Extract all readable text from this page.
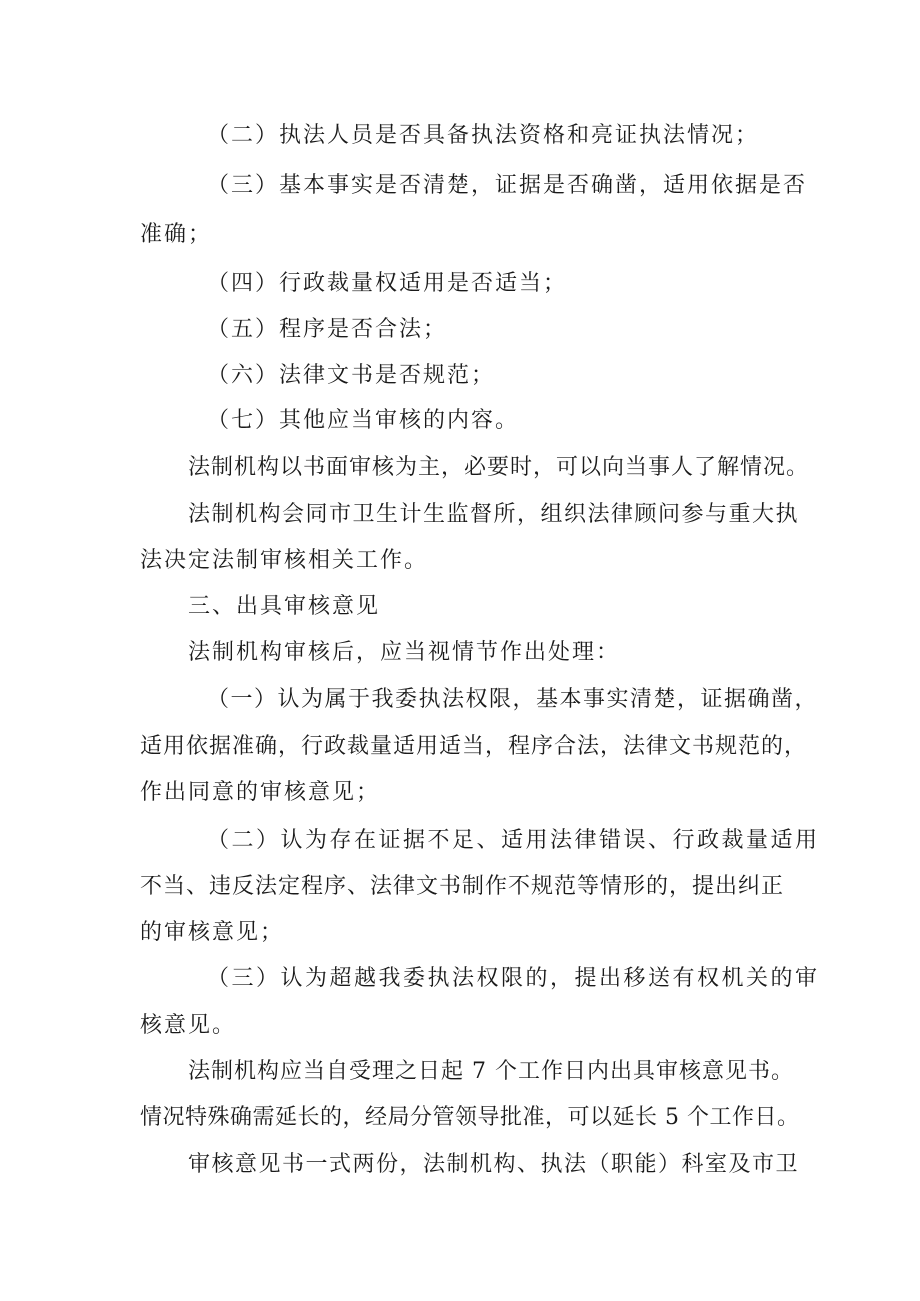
（二）执法人员是否具备执法资格和亮证执法情况；
（三）基本事实是否清楚，证据是否确凿，适用依据是否
准确；
（四）行政裁量权适用是否适当；
（五）程序是否合法；
（六）法律文书是否规范；
（七）其他应当审核的内容。
法制机构以书面审核为主，必要时，可以向当事人了解情况。
法制机构会同市卫生计生监督所，组织法律顾问参与重大执
法决定法制审核相关工作。
三、出具审核意见
法制机构审核后，应当视情节作出处理：
（一）认为属于我委执法权限，基本事实清楚，证据确凿，
适用依据准确，行政裁量适用适当，程序合法，法律文书规范的，
作出同意的审核意见；
（二）认为存在证据不足、适用法律错误、行政裁量适用
不当、违反法定程序、法律文书制作不规范等情形的，提出纠正
的审核意见；
（三）认为超越我委执法权限的，提出移送有权机关的审
核意见。
法制机构应当自受理之日起 7 个工作日内出具审核意见书。
情况特殊确需延长的，经局分管领导批准，可以延长 5 个工作日。
审核意见书一式两份，法制机构、执法（职能）科室及市卫
